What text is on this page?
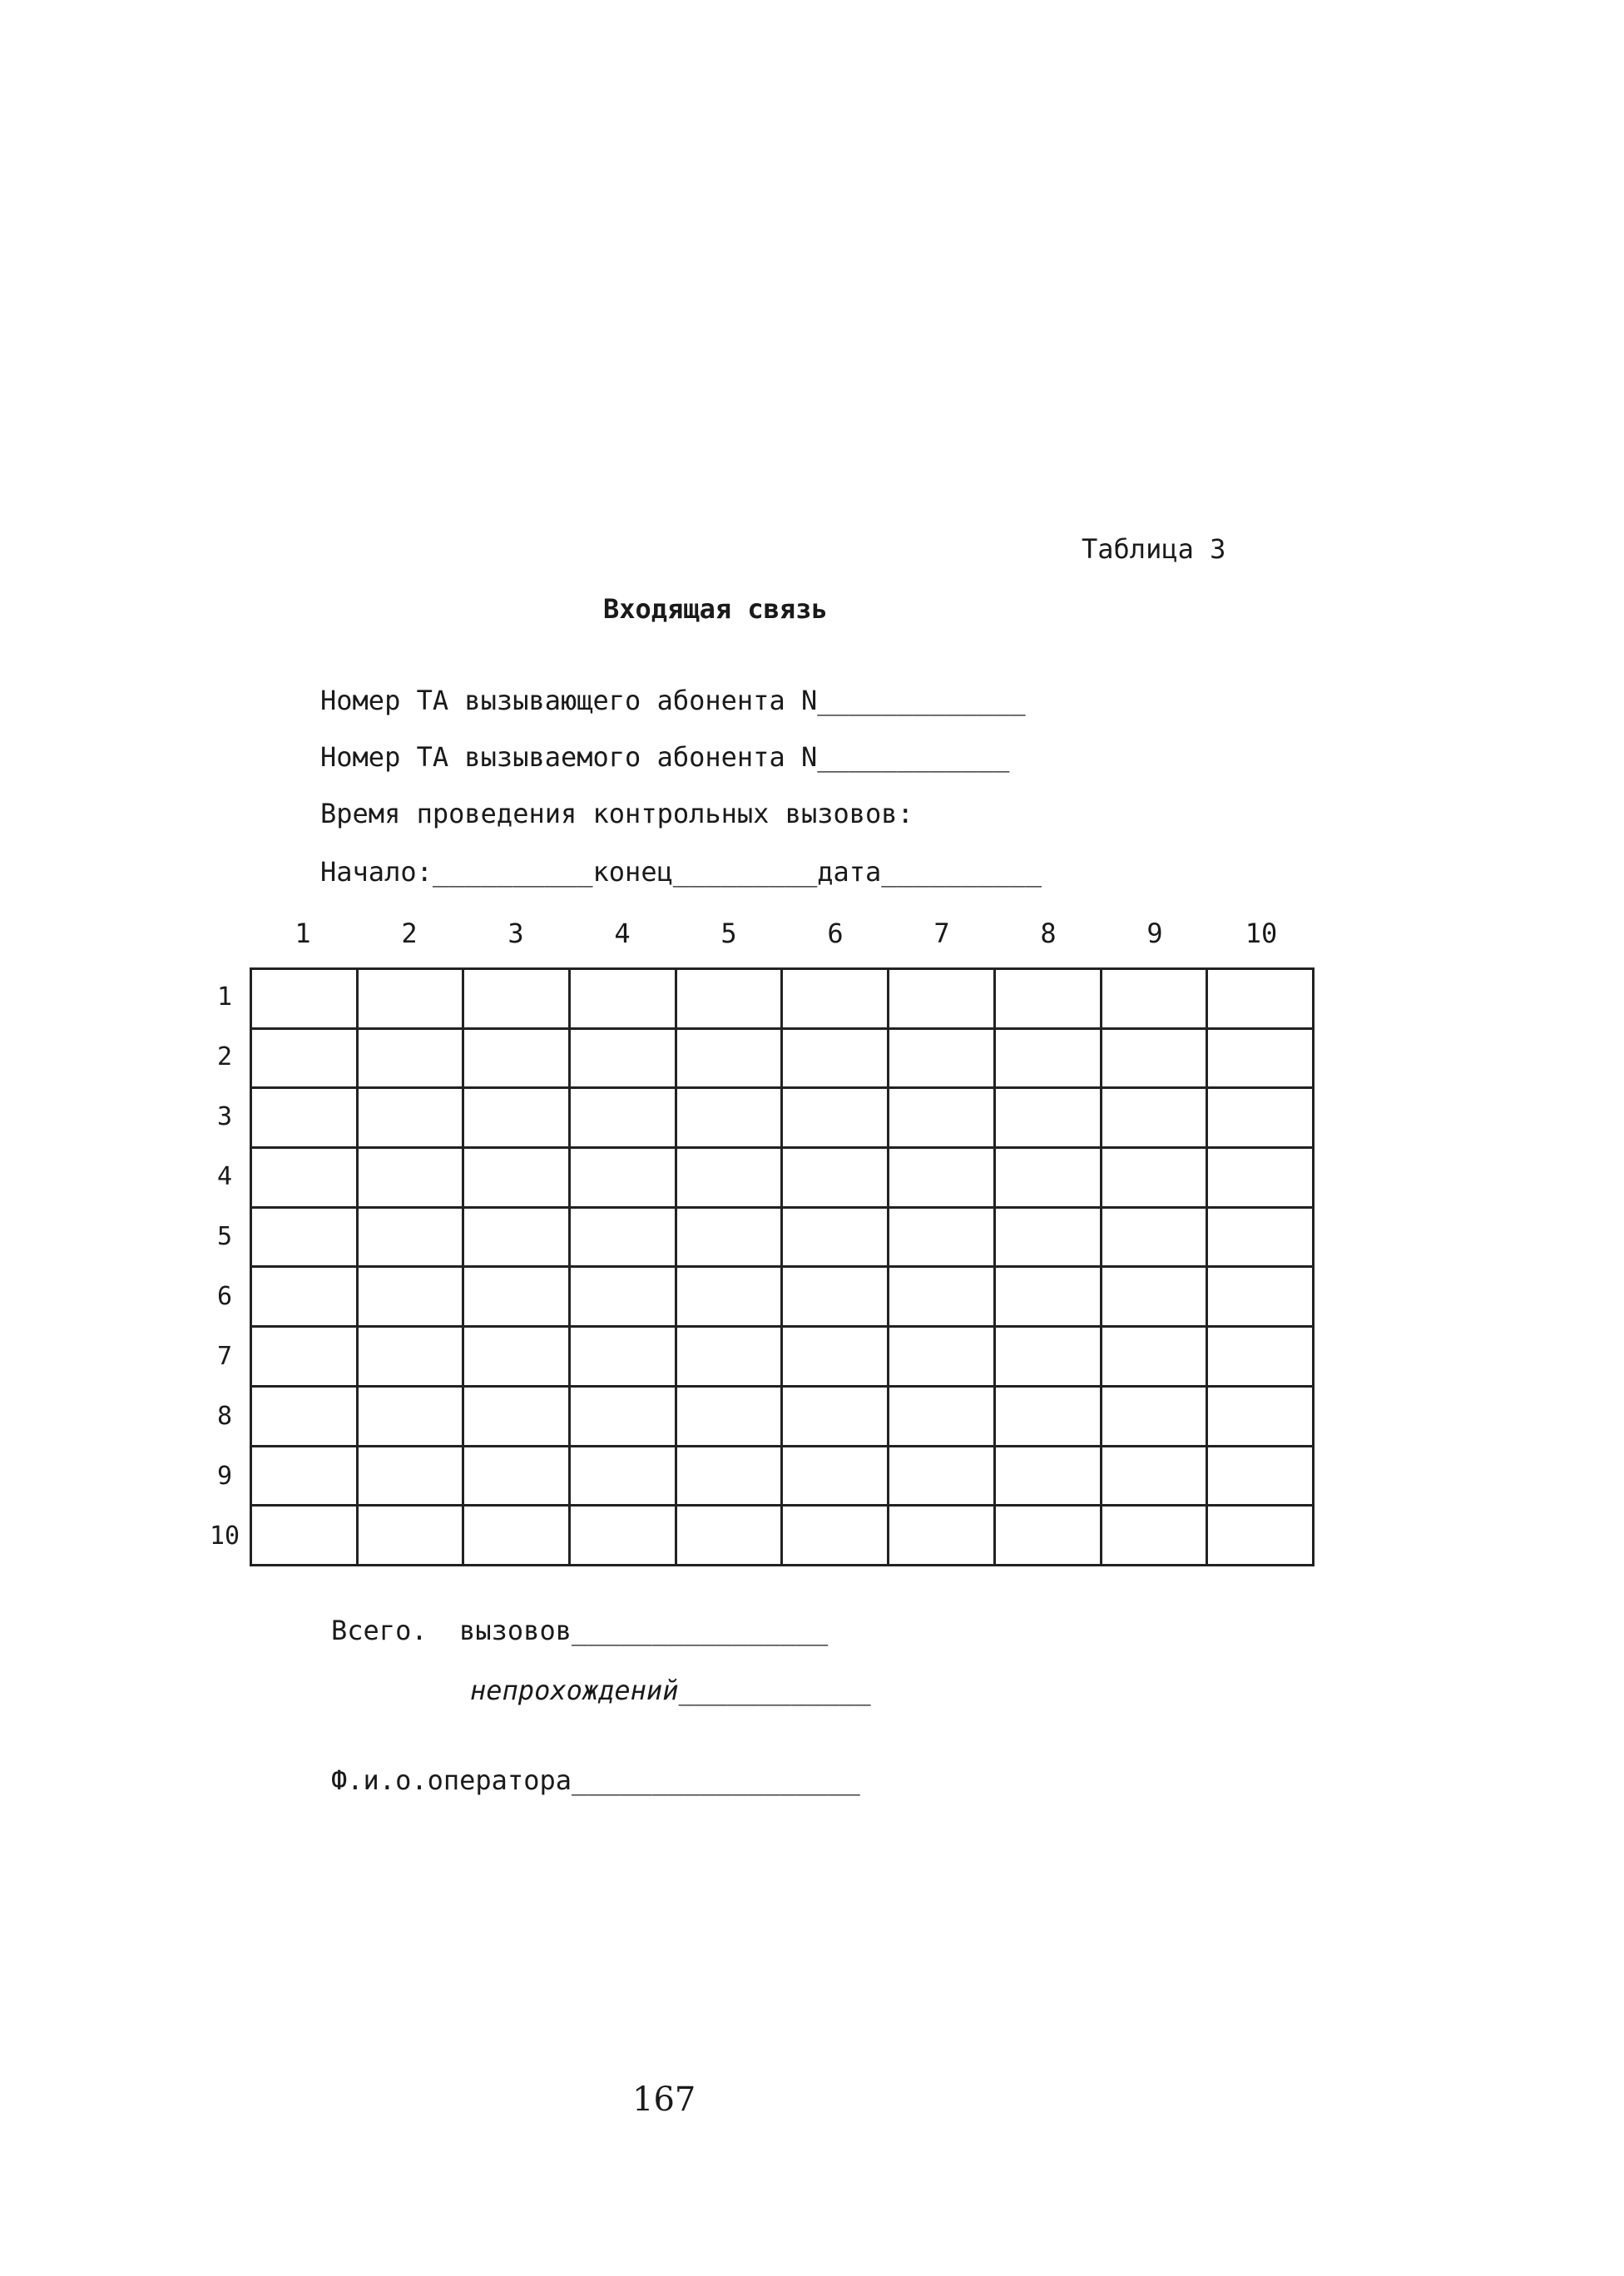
Таблица 3
Входящая связь
Номер ТА вызывающего абонента N_____________
Номер ТА вызываемого абонента N____________
Время проведения контрольных вызовов:
Начало:__________конец_________дата__________
1	2	3	4	5	6	7	8	9	10
1
2
3
4
5
6
7
8
9
10

Всего.  вызовов________________
непрохождений____________
Ф.и.о.оператора__________________
167
